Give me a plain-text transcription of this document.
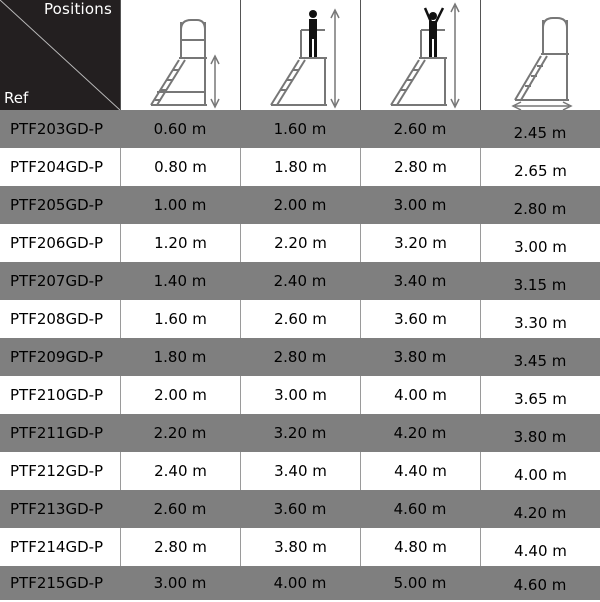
Positions
Ref
PTF203GD-P	0.60 m	1.60 m	2.60 m	2.45 m
PTF204GD-P	0.80 m	1.80 m	2.80 m	2.65 m
PTF205GD-P	1.00 m	2.00 m	3.00 m	2.80 m
PTF206GD-P	1.20 m	2.20 m	3.20 m	3.00 m
PTF207GD-P	1.40 m	2.40 m	3.40 m	3.15 m
PTF208GD-P	1.60 m	2.60 m	3.60 m	3.30 m
PTF209GD-P	1.80 m	2.80 m	3.80 m	3.45 m
PTF210GD-P	2.00 m	3.00 m	4.00 m	3.65 m
PTF211GD-P	2.20 m	3.20 m	4.20 m	3.80 m
PTF212GD-P	2.40 m	3.40 m	4.40 m	4.00 m
PTF213GD-P	2.60 m	3.60 m	4.60 m	4.20 m
PTF214GD-P	2.80 m	3.80 m	4.80 m	4.40 m
PTF215GD-P	3.00 m	4.00 m	5.00 m	4.60 m
